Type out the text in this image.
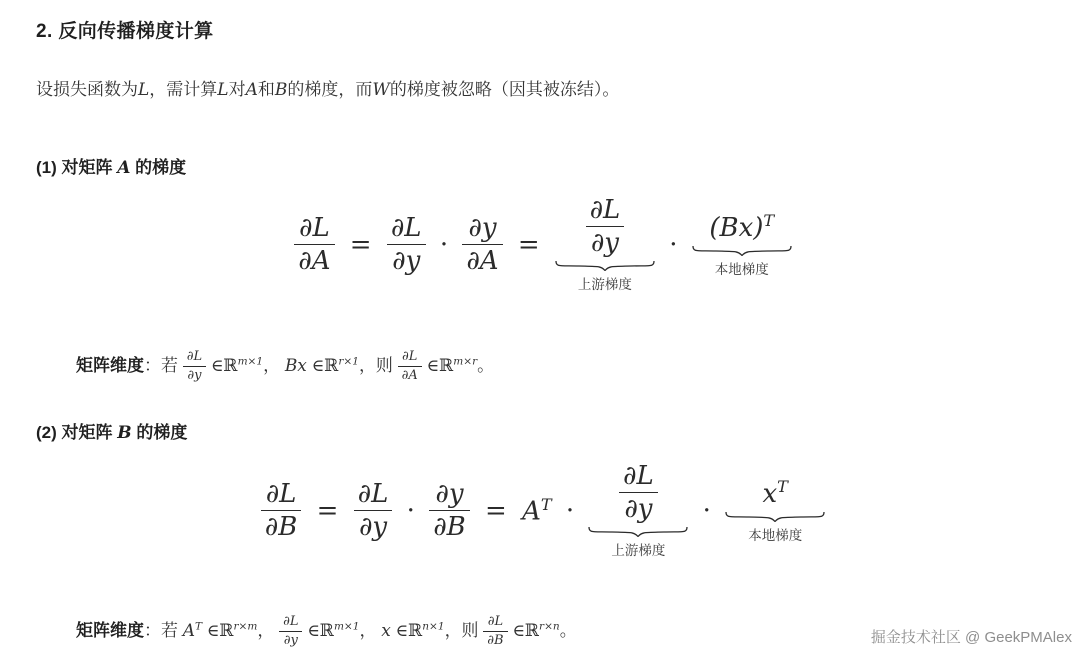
2. 反向传播梯度计算
设损失函数为L，需计算L对A和B的梯度，而W的梯度被忽略（因其被冻结）。
(1) 对矩阵 A 的梯度
$\frac{\partial L}{\partial A} = \frac{\partial L}{\partial y} \cdot \frac{\partial y}{\partial A} = \frac{\partial L}{\partial y}$
上游梯度
·
$(Bx)^T$
本地梯度
矩阵维度：若 $\frac{\partial L}{\partial y}$ ∈ℝ$^{m\times 1}$， Bx ∈ℝ$^{r\times 1}$，则 $\frac{\partial L}{\partial A}$ ∈ℝ$^{m\times r}$。
(2) 对矩阵 B 的梯度
$\frac{\partial L}{\partial B} = \frac{\partial L}{\partial y} \cdot \frac{\partial y}{\partial B} = A^T \cdot \frac{\partial L}{\partial y}$
上游梯度
·
$x^T$
本地梯度
矩阵维度：若 $A^T$ ∈ℝ$^{r\times m}$， $\frac{\partial L}{\partial y}$ ∈ℝ$^{m\times 1}$， x ∈ℝ$^{n\times 1}$，则 $\frac{\partial L}{\partial B}$ ∈ℝ$^{r\times n}$。	掘金技术社区 @ GeekPMAlex
